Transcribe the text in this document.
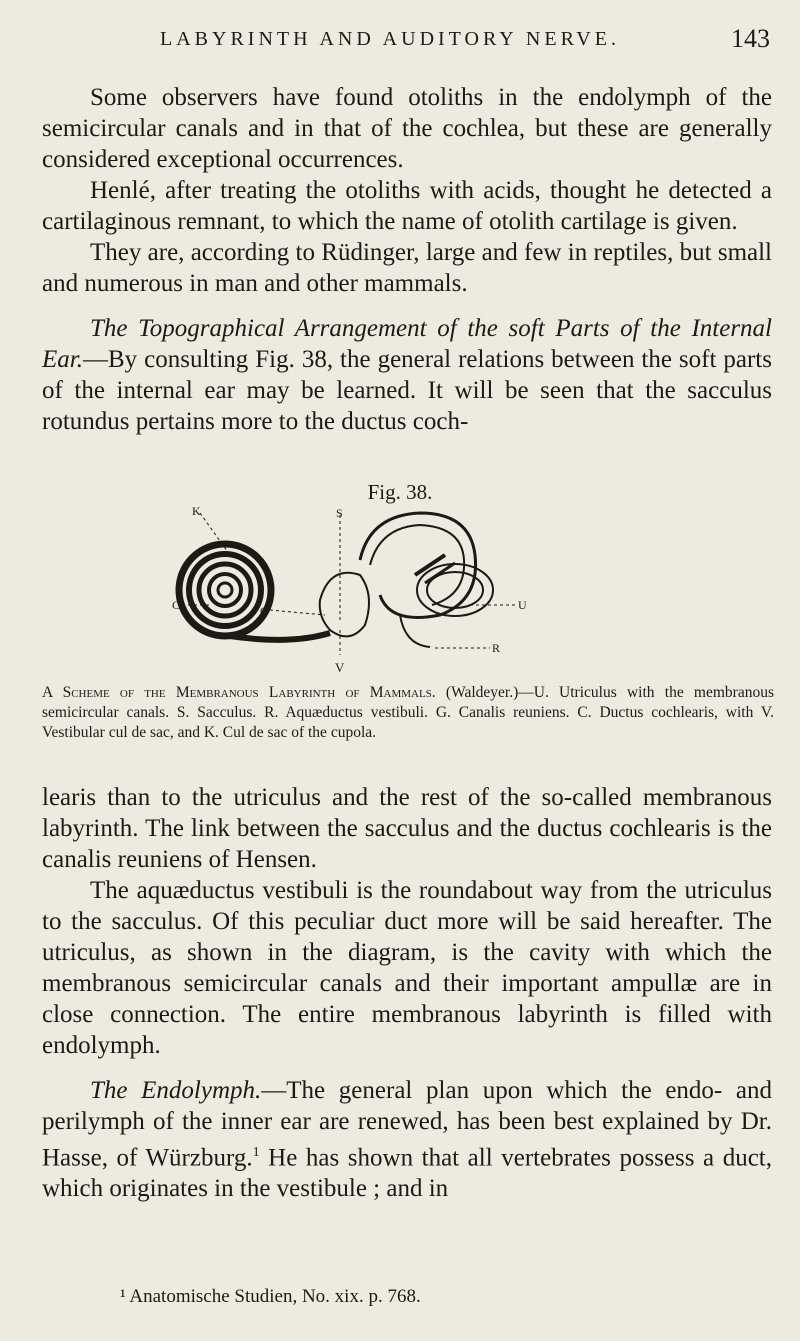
LABYRINTH AND AUDITORY NERVE.	143

Some observers have found otoliths in the endolymph of the semicircular canals and in that of the cochlea, but these are generally considered exceptional occurrences.

Henlé, after treating the otoliths with acids, thought he detected a cartilaginous remnant, to which the name of otolith cartilage is given.

They are, according to Rüdinger, large and few in reptiles, but small and numerous in man and other mammals.

The Topographical Arrangement of the soft Parts of the Internal Ear.—By consulting Fig. 38, the general relations between the soft parts of the internal ear may be learned. It will be seen that the sacculus rotundus pertains more to the ductus coch-

Fig. 38.
K	S
C	G	U
R
V

A Scheme of the Membranous Labyrinth of Mammals. (Waldeyer.)—U. Utriculus with the membranous semicircular canals. S. Sacculus. R. Aquæductus vestibuli. G. Canalis reuniens. C. Ductus cochlearis, with V. Vestibular cul de sac, and K. Cul de sac of the cupola.

learis than to the utriculus and the rest of the so-called membranous labyrinth. The link between the sacculus and the ductus cochlearis is the canalis reuniens of Hensen.

The aquæductus vestibuli is the roundabout way from the utriculus to the sacculus. Of this peculiar duct more will be said hereafter. The utriculus, as shown in the diagram, is the cavity with which the membranous semicircular canals and their important ampullæ are in close connection. The entire membranous labyrinth is filled with endolymph.

The Endolymph.—The general plan upon which the endo- and perilymph of the inner ear are renewed, has been best explained by Dr. Hasse, of Würzburg.$^1$ He has shown that all vertebrates possess a duct, which originates in the vestibule ; and in

¹ Anatomische Studien, No. xix. p. 768.
